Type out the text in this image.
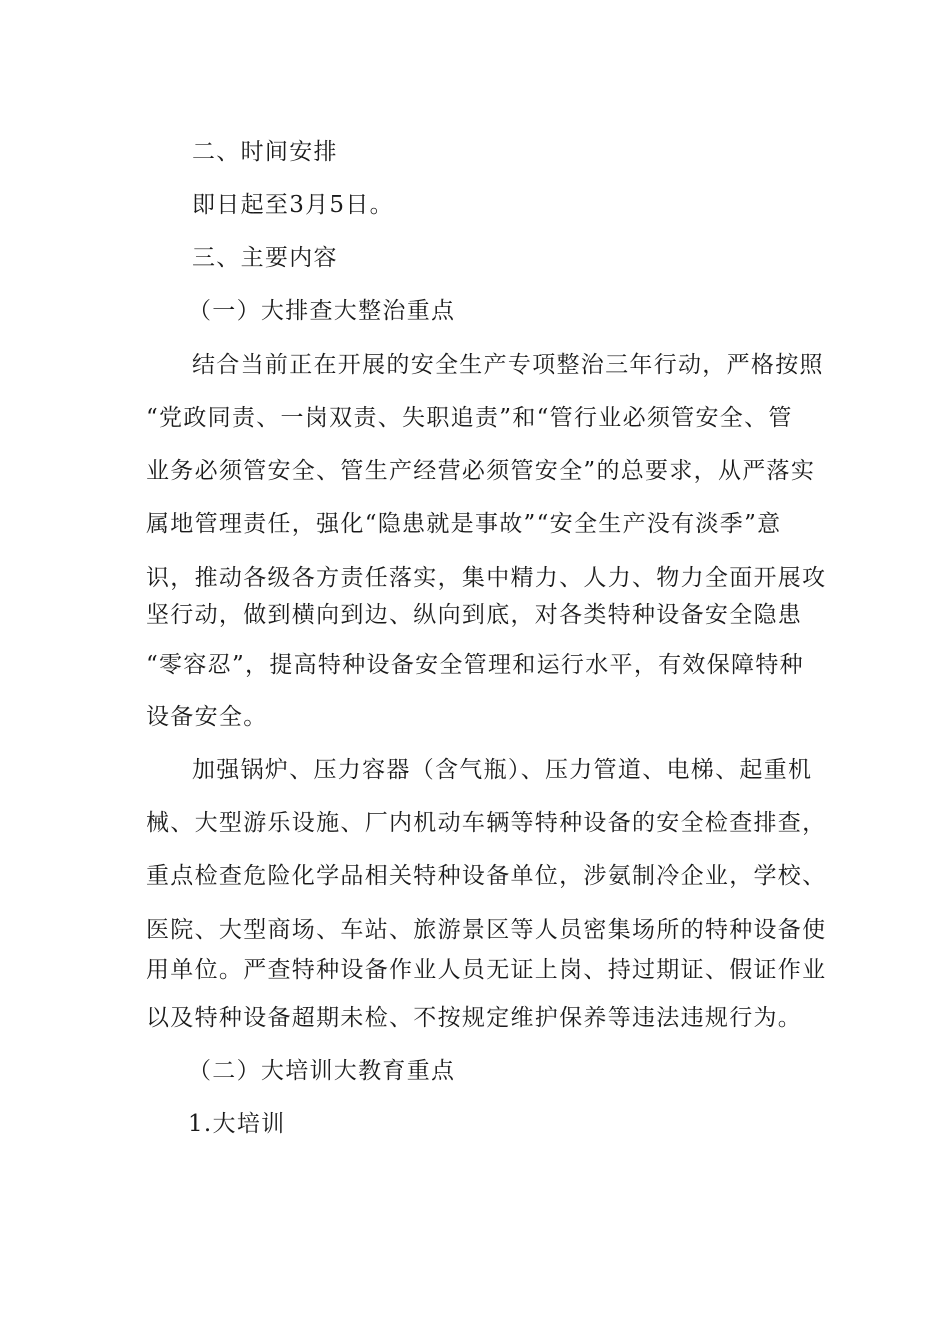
二、时间安排
即日起至3月5日。
三、主要内容
（一）大排查大整治重点
结合当前正在开展的安全生产专项整治三年行动，严格按照
“党政同责、一岗双责、失职追责”和“管行业必须管安全、管
业务必须管安全、管生产经营必须管安全”的总要求，从严落实
属地管理责任，强化“隐患就是事故”“安全生产没有淡季”意
识，推动各级各方责任落实，集中精力、人力、物力全面开展攻
坚行动，做到横向到边、纵向到底，对各类特种设备安全隐患
“零容忍”，提高特种设备安全管理和运行水平，有效保障特种
设备安全。
加强锅炉、压力容器（含气瓶）、压力管道、电梯、起重机
械、大型游乐设施、厂内机动车辆等特种设备的安全检查排查，
重点检查危险化学品相关特种设备单位，涉氨制冷企业，学校、
医院、大型商场、车站、旅游景区等人员密集场所的特种设备使
用单位。严查特种设备作业人员无证上岗、持过期证、假证作业
以及特种设备超期未检、不按规定维护保养等违法违规行为。
（二）大培训大教育重点
1.大培训
